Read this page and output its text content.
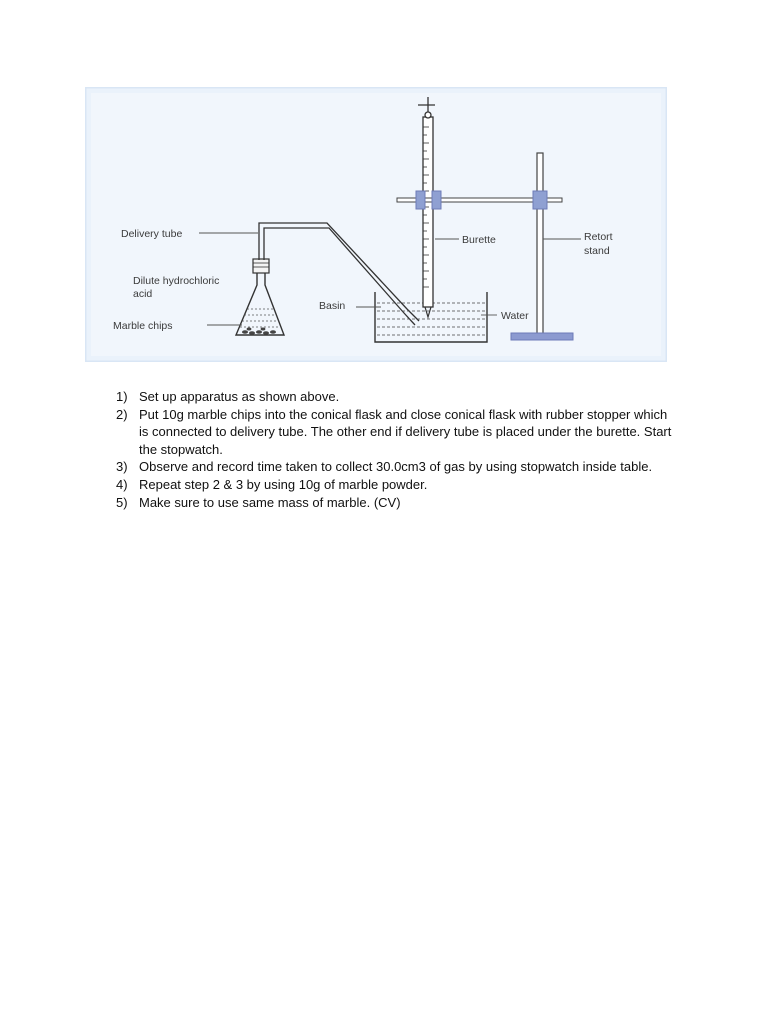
Delivery tube
Dilute hydrochloric
acid
Marble chips
Basin
Burette
Water
Retort
stand
1) Set up apparatus as shown above.
2) Put 10g marble chips into the conical flask and close conical flask with rubber stopper which is connected to delivery tube. The other end if delivery tube is placed under the burette. Start the stopwatch.
3) Observe and record time taken to collect 30.0cm3 of gas by using stopwatch inside table.
4) Repeat step 2 & 3 by using 10g of marble powder.
5) Make sure to use same mass of marble. (CV)
